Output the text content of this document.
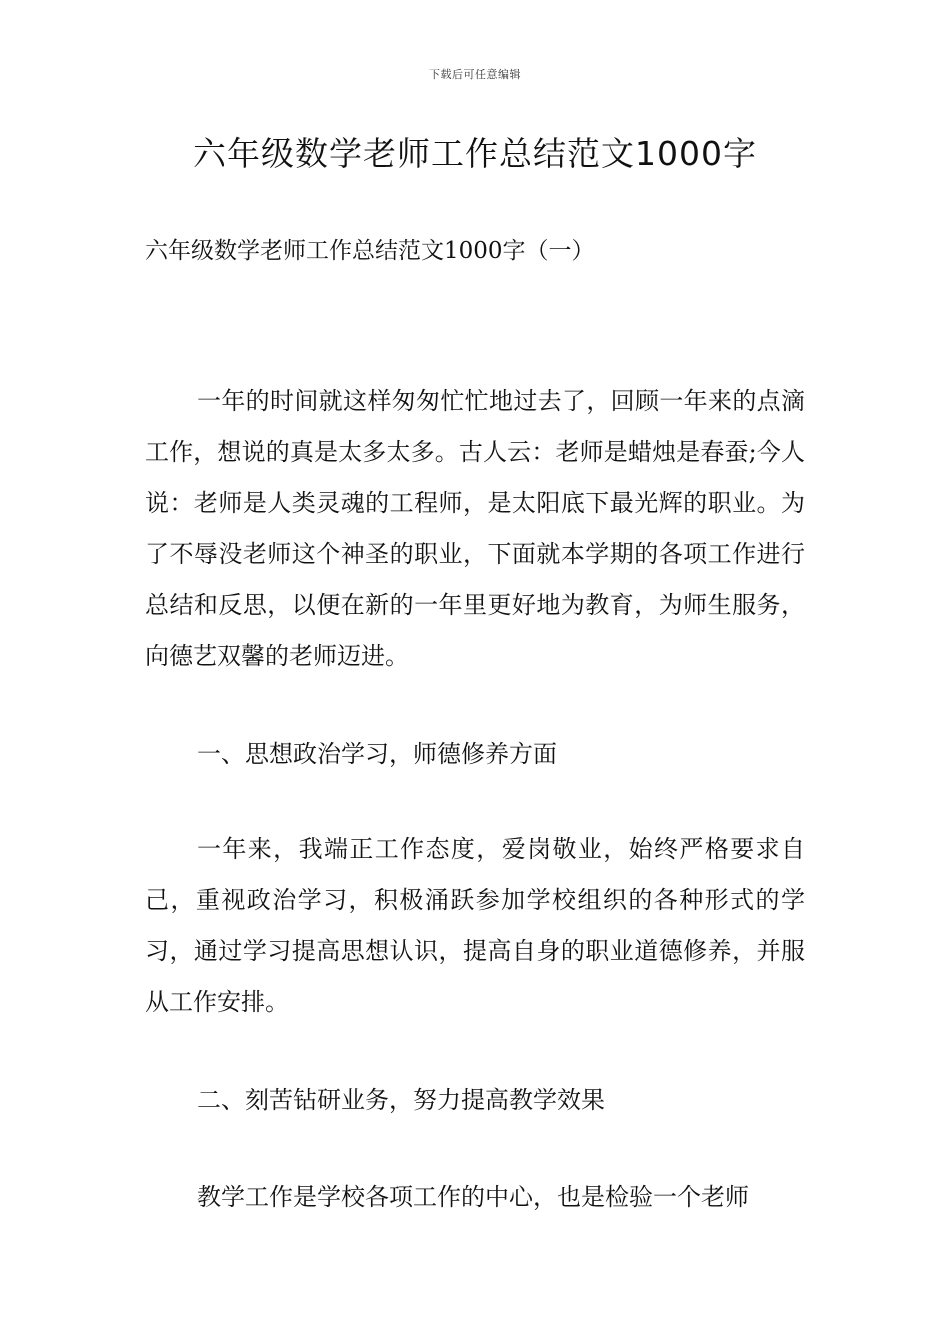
下载后可任意编辑
六年级数学老师工作总结范文1000字

六年级数学老师工作总结范文1000字（一）

一年的时间就这样匆匆忙忙地过去了，回顾一年来的点滴工作，想说的真是太多太多。古人云：老师是蜡烛是春蚕;今人说：老师是人类灵魂的工程师，是太阳底下最光辉的职业。为了不辱没老师这个神圣的职业，下面就本学期的各项工作进行总结和反思，以便在新的一年里更好地为教育，为师生服务，向德艺双馨的老师迈进。

一、思想政治学习，师德修养方面

一年来，我端正工作态度，爱岗敬业，始终严格要求自己，重视政治学习，积极涌跃参加学校组织的各种形式的学习，通过学习提高思想认识，提高自身的职业道德修养，并服从工作安排。

二、刻苦钻研业务，努力提高教学效果

教学工作是学校各项工作的中心，也是检验一个老师
